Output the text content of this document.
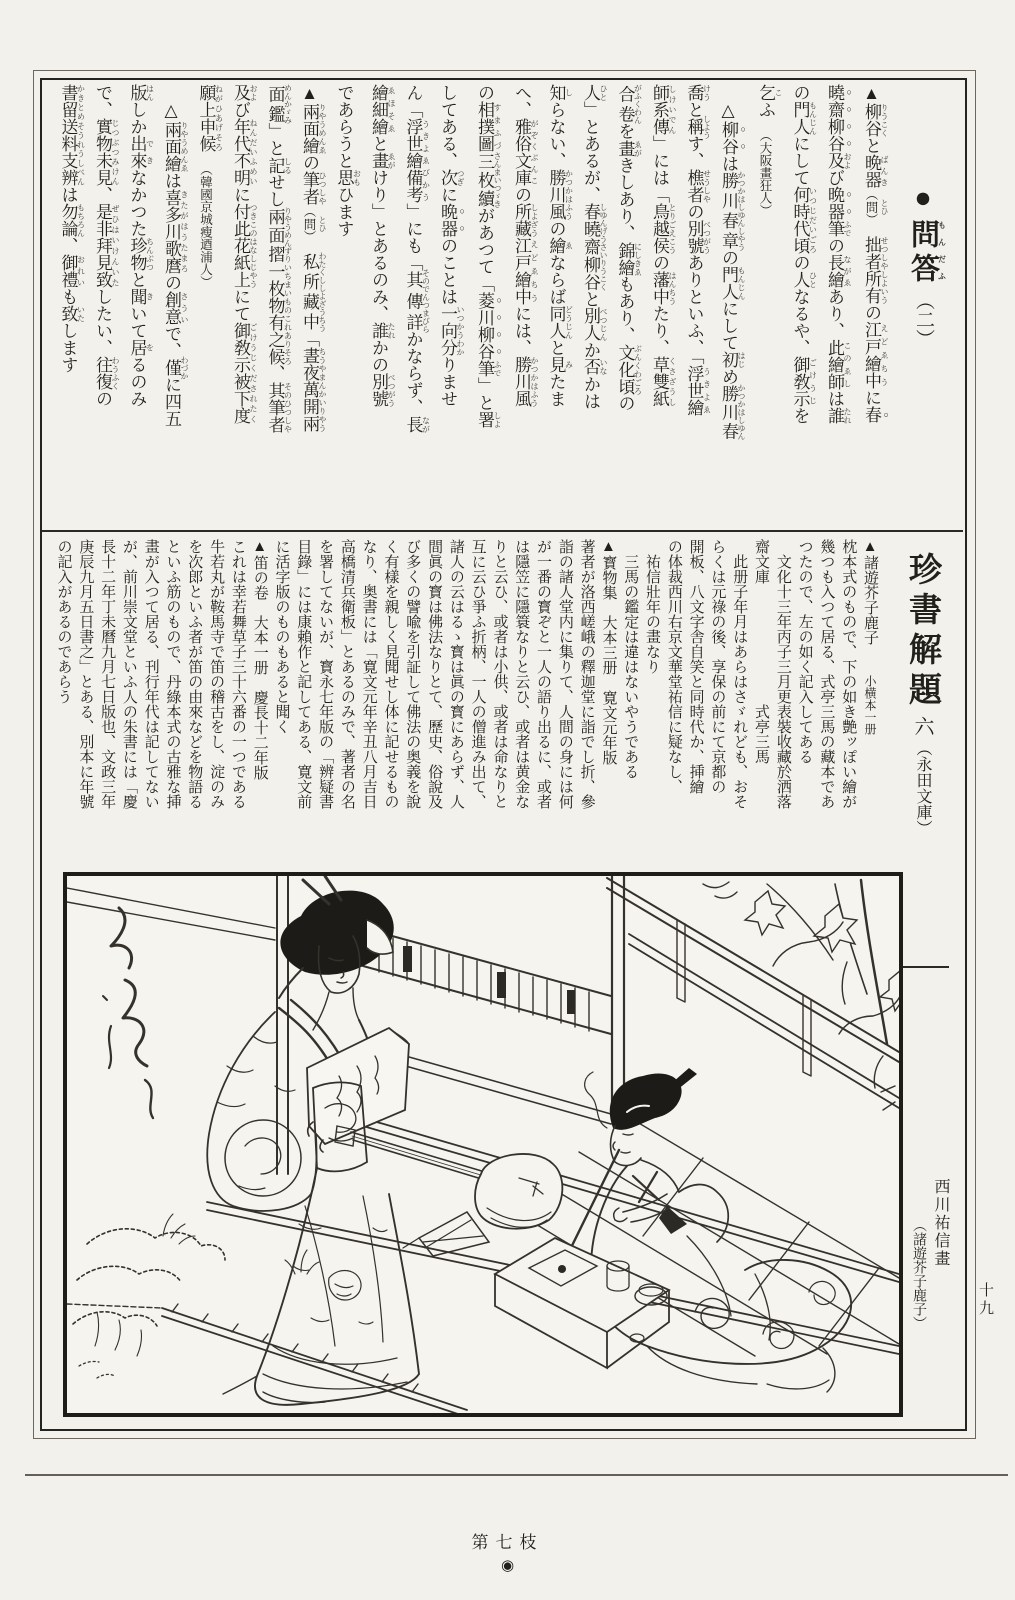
●問答もんだふ （二）
▲柳谷 りうこくと晩器 ばんき（問 とひ）　拙者所有 せつしやしよいうの江戸繪中 えどゑちうに春
曉齋柳谷及 および晩器筆 ふでの長繪 ながゑあり、此繪師 このゑしは誰 たれ
の門人 もんじんにして何時代頃 いつじだいごろの人 ひとなるや、御敎示 ごけうじを
乞 こふ　（大阪畫狂人）
　△柳谷は勝川春章 かつかはしゆんしやうの門人 もんじんにして初 はじめ勝川春 かつかはしゆん
喬 けうと稱 しようす、樵者 せうしやの別號 べつがうありといふ、「浮世繪 うきよゑ
師系傳 しけいでん」には「鳥越侯 とりごえこうの藩中 はんちうたり、草雙紙 くさざうし
合卷 がふくわんを畫 ゑがきしあり、錦繪 にしきゑもあり、文化頃 ぶんくわごろの
人 ひと」とあるが、春曉齋柳谷 しゆんげうさいりうこくと別人 べつじんか否 いなかは
知 しらない、勝川風 かつかはふうの繪 ゑならば同人 どうじんと見 みたま
へ、雅俗文庫 がぞくぶんこの所藏 しよざう江戸繪中 えどゑちうには、勝川風 かつかはふう
の相撲圖 すまふづ三枚續 さんまいつゞきがあつて「菱川柳谷筆 ふで」と署 しよ
してある、次 つぎに晩器のことは一向分 いつかうわかりませ
ん「浮世繪備考 うきよゑびかう」にも「其傳詳 そのでんつまびらかならず、長 なが
繪細繪 ゑほそゑと畫 ゑがけり」とあるのみ、誰 たれかの別號 べつがう
であらうと思 おもひます
▲兩面繪 りやうめんゑの筆者 ひつしや（問 とひ）　私所藏中 わたくししよざうちう「晝夜萬開兩 ちうやまんかいりやう
面鑑 めんかゞみ」と記 しるせし兩面摺 りやうめんずり一枚物有之候 いちまいものこれありそろ、其筆者 そのひつしや
及 および年代不明 ねんだいふめいに付此花紙上 つきこのはなしじやうにて御敎示被下度 ごけうじくだされたく
願上申候 ねがひあげそろ　（韓國京城瘦逎浦人）
　△兩面繪 りやうめんゑは喜多川歌麿 きたがはうたまろの創意 さういで、僅 わづかに四五
版 はんしか出來 できなかつた珍物 ちんぶつと聞 きいて居 をるのみ
で、實物未見 じつぶつみけん、是非拜見致 ぜひはいけんいたしたい、往復 わうふくの
書留送料支辨 かきとめそうれうしべんは勿論 もちろん、御禮 おれいも致 いたします
珍書解題 六 （永田文庫）
▲諸遊芥子鹿子　　小横本一册
枕本式のもので、下の如き艶ッぽい繪が
幾つも入つて居る、式亭三馬の藏本であ
つたので、左の如く記入してある
　文化十三年丙子三月更表裝收藏於洒落
齋文庫　　　　　　　　式亭三馬
　此册子年月はあらはさゞれども、おそ
らくは元祿の後、享保の前にて京都の
開板、八文字舎自笑と同時代か、挿繪
の体裁西川右京文華堂祐信に疑なし、
　祐信壯年の畫なり
　三馬の鑑定は違はないやうである
▲寳物集　大本三册　寛文元年版
著者が洛西嵯峨の釋迦堂に詣でし折、參
詣の諸人堂内に集りて、人間の身には何
が一番の寳ぞと一人の語り出るに、或者
は隱笠に隱簑なりと云ひ、或者は黄金な
りと云ひ、或者は小供、或者は命なりと
互に云ひ爭ふ折柄、一人の僧進み出て、
諸人の云はるゝ寳は眞の寳にあらず、人
間眞の寳は佛法なりとて、歷史、俗說及
び多くの譬喩を引証して佛法の奥義を說
く有樣を親しく見聞せし体に記せるもの
なり、奥書には「寛文元年辛丑八月吉日
高橋清兵衛板」とあるのみで、著者の名
を署してないが、寳永七年版の「辨疑書
目錄」には康賴作と記してある、寛文前
に活字版のものもあると聞く
▲笛の卷　大本一册　慶長十二年版
これは幸若舞草子三十六番の一つである
牛若丸が鞍馬寺で笛の稽古をし、淀のみ
を次郎といふ者が笛の由來などを物語る
といふ筋のもので、丹綠本式の古雅な挿
畫が入つて居る、刊行年代は記してない
が、前川崇文堂といふ人の朱書には「慶
長十二年丁未曆九月七日版也、文政三年
庚辰九月五日書之」とある、別本に年號
の記入があるのであらう
西川祐信畫
（諸遊芥子鹿子）	十九
第七枝
◉
